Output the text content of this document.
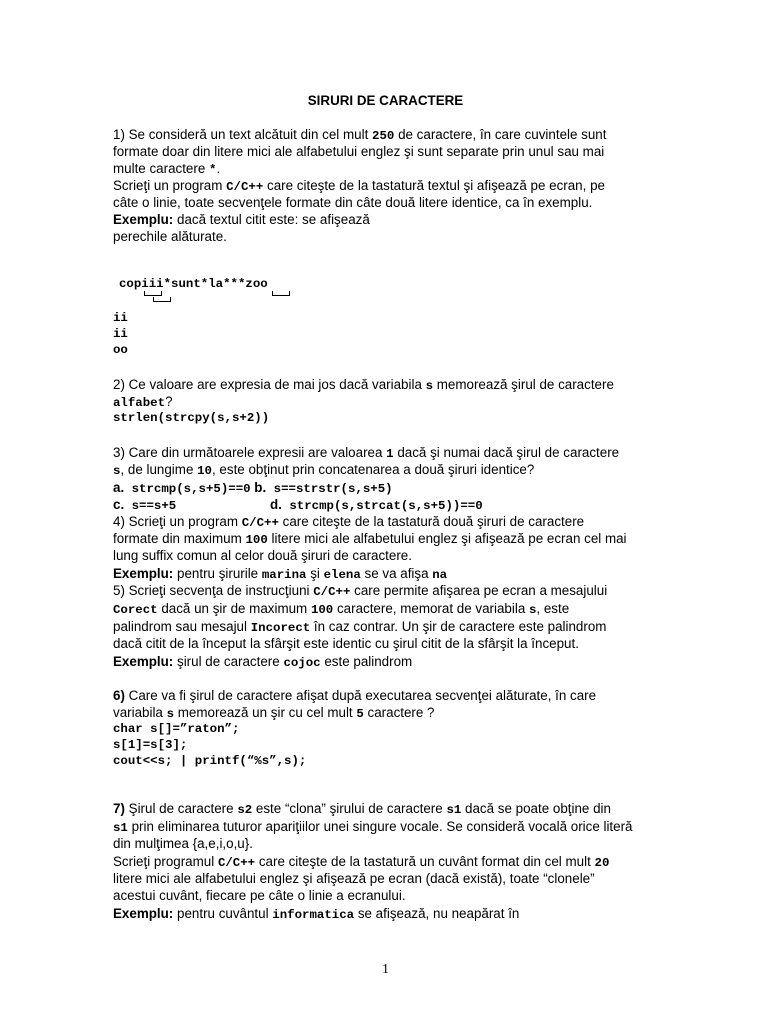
SIRURI DE CARACTERE
1) Se consideră un text alcătuit din cel mult 250 de caractere, în care cuvintele sunt
formate doar din litere mici ale alfabetului englez şi sunt separate prin unul sau mai
multe caractere *.
Scrieţi un program C/C++ care citeşte de la tastatură textul şi afişează pe ecran, pe
câte o linie, toate secvenţele formate din câte două litere identice, ca în exemplu.
Exemplu: dacă textul citit este: se afişează
perechile alăturate.
copiii*sunt*la***zoo
ii
ii
oo
2) Ce valoare are expresia de mai jos dacă variabila s memorează şirul de caractere
alfabet?
strlen(strcpy(s,s+2))
3) Care din următoarele expresii are valoarea 1 dacă şi numai dacă şirul de caractere
s, de lungime 10, este obţinut prin concatenarea a două şiruri identice?
a. strcmp(s,s+5)==0 b. s==strstr(s,s+5)
c. s==s+5	d. strcmp(s,strcat(s,s+5))==0
4) Scrieţi un program C/C++ care citeşte de la tastatură două şiruri de caractere
formate din maximum 100 litere mici ale alfabetului englez şi afişează pe ecran cel mai
lung suffix comun al celor două şiruri de caractere.
Exemplu: pentru şirurile marina şi elena se va afişa na
5) Scrieţi secvenţa de instrucţiuni C/C++ care permite afişarea pe ecran a mesajului
Corect dacă un şir de maximum 100 caractere, memorat de variabila s, este
palindrom sau mesajul Incorect în caz contrar. Un şir de caractere este palindrom
dacă citit de la început la sfârşit este identic cu şirul citit de la sfârşit la început.
Exemplu: şirul de caractere cojoc este palindrom
6) Care va fi şirul de caractere afişat după executarea secvenţei alăturate, în care
variabila s memorează un şir cu cel mult 5 caractere ?
char s[]=”raton”;
s[1]=s[3];
cout<<s; | printf(“%s”,s);
7) Şirul de caractere s2 este “clona” şirului de caractere s1 dacă se poate obţine din
s1 prin eliminarea tuturor apariţiilor unei singure vocale. Se consideră vocală orice literă
din mulţimea {a,e,i,o,u}.
Scrieţi programul C/C++ care citeşte de la tastatură un cuvânt format din cel mult 20
litere mici ale alfabetului englez şi afişează pe ecran (dacă există), toate “clonele”
acestui cuvânt, fiecare pe câte o linie a ecranului.
Exemplu: pentru cuvântul informatica se afişează, nu neapărat în
1
